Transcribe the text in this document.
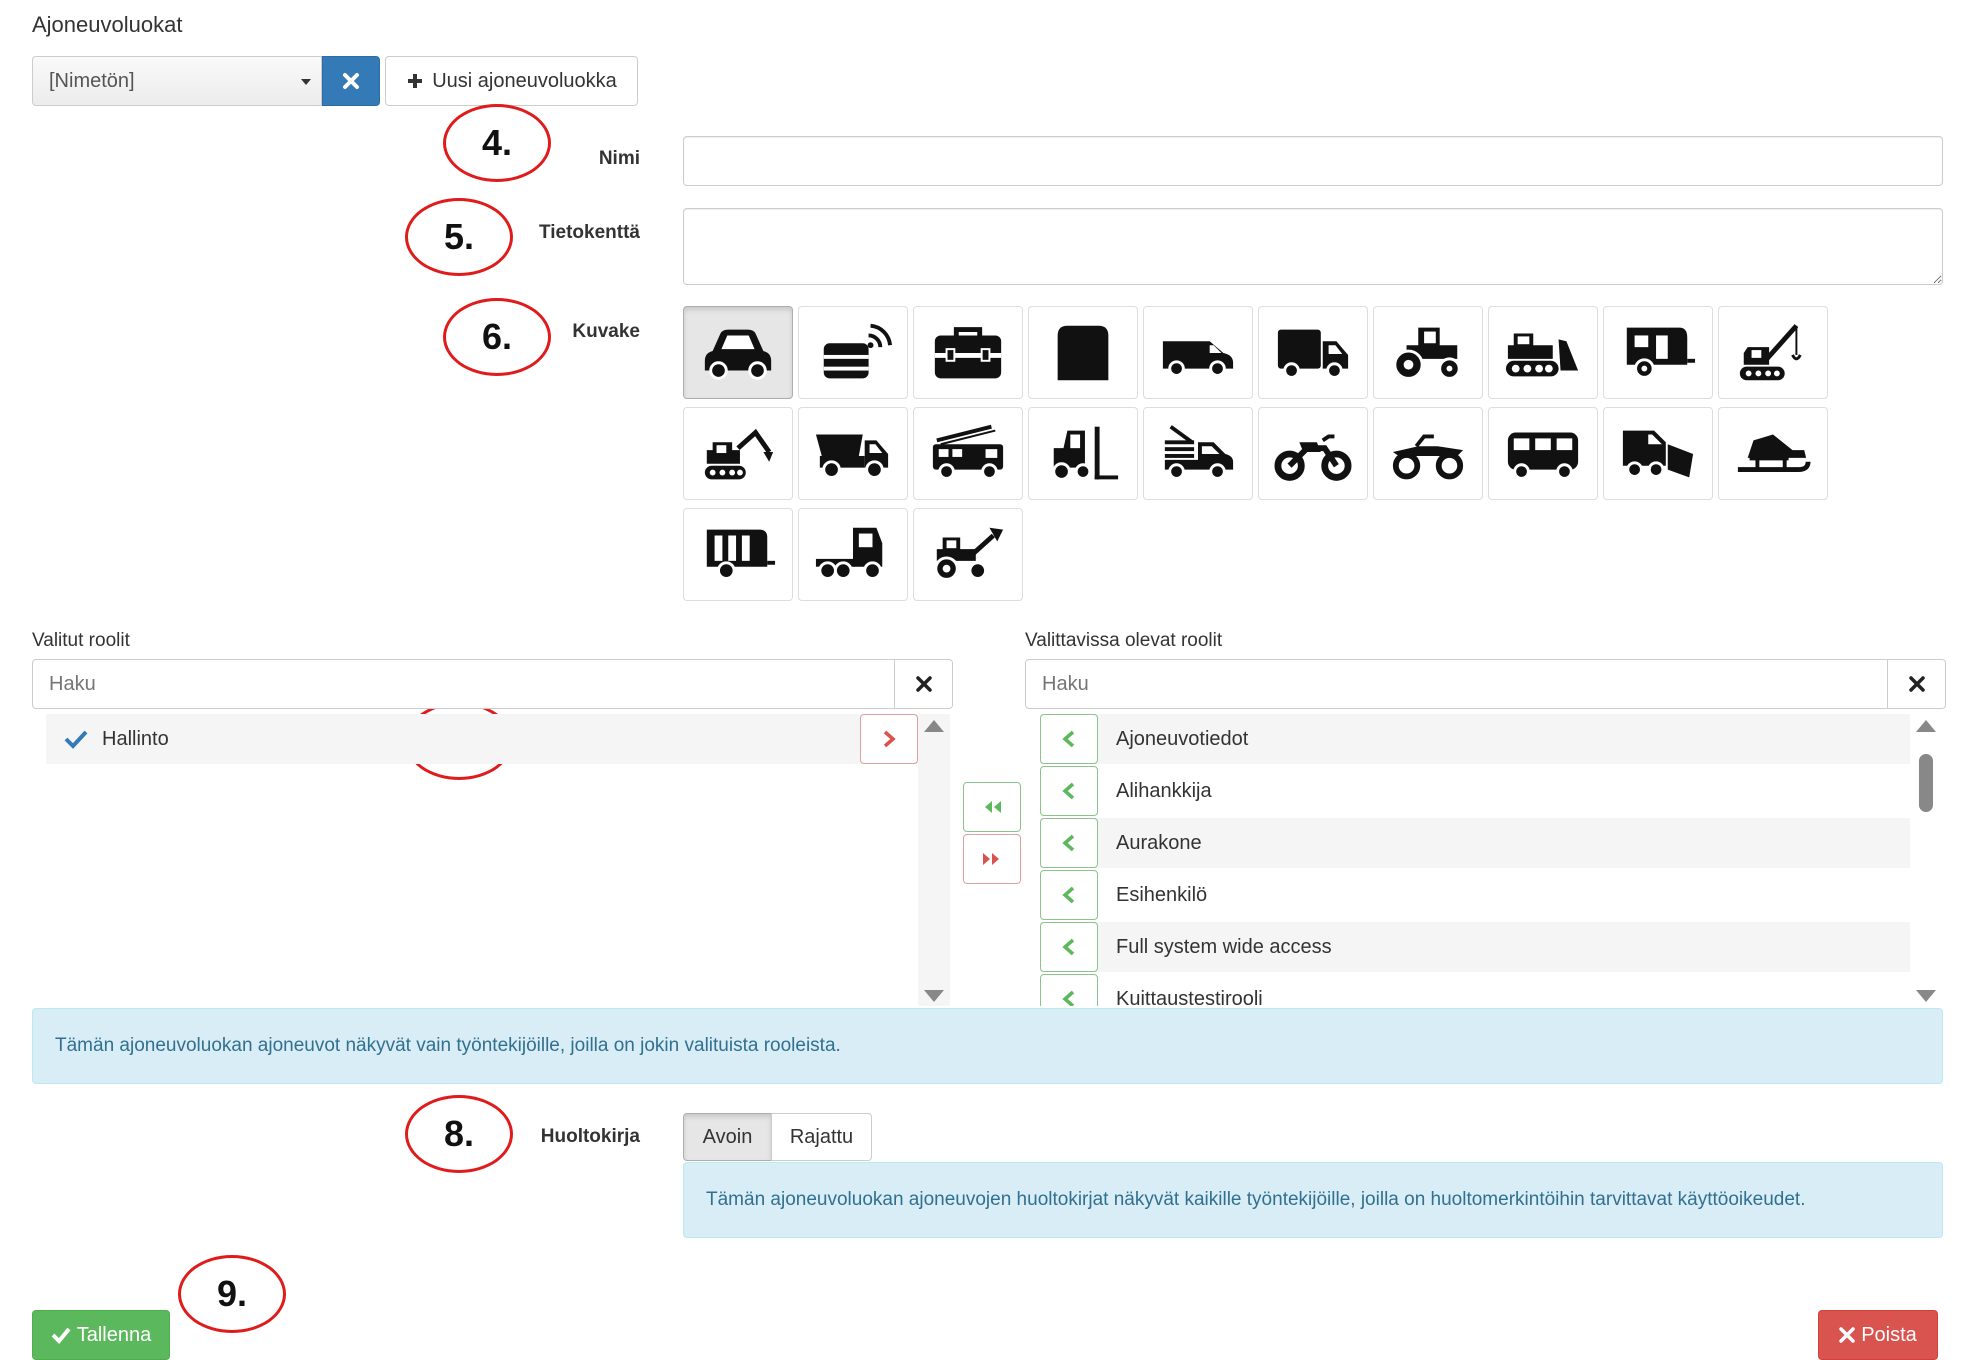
Ajoneuvoluokat
[Nimetön]	Uusi ajoneuvoluokka
4.
5.
6.
8.
9.
Nimi
Tietokenttä
Kuvake
Valitut roolit
Haku
Hallinto
Valittavissa olevat roolit
Haku
Ajoneuvotiedot
Alihankkija
Aurakone
Esihenkilö
Full system wide access
Kuittaustestirooli
Tämän ajoneuvoluokan ajoneuvot näkyvät vain työntekijöille, joilla on jokin valituista rooleista.
Huoltokirja	Avoin Rajattu
Tämän ajoneuvoluokan ajoneuvojen huoltokirjat näkyvät kaikille työntekijöille, joilla on huoltomerkintöihin tarvittavat käyttöoikeudet.
Tallenna	Poista
